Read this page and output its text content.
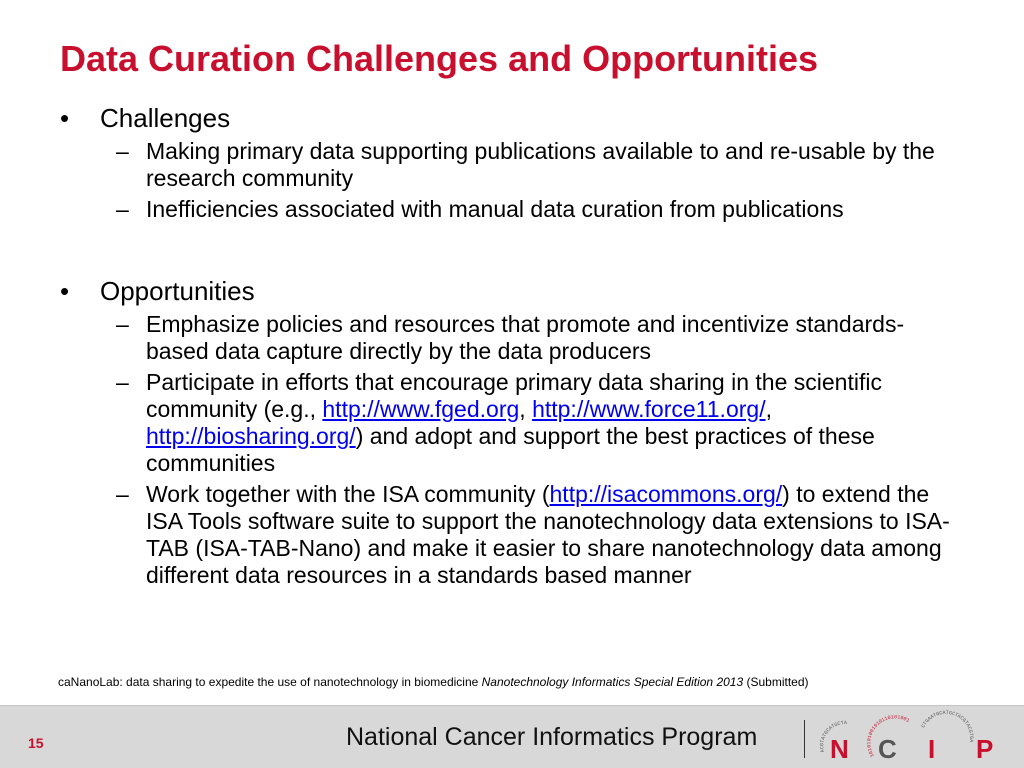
Data Curation Challenges and Opportunities
• Challenges
– Making primary data supporting publications available to and re-usable by the research community
– Inefficiencies associated with manual data curation from publications
• Opportunities
– Emphasize policies and resources that promote and incentivize standards-based data capture directly by the data producers
– Participate in efforts that encourage primary data sharing in the scientific community (e.g., http://www.fged.org, http://www.force11.org/, http://biosharing.org/) and adopt and support the best practices of these communities
– Work together with the ISA community (http://isacommons.org/) to extend the ISA Tools software suite to support the nanotechnology data extensions to ISA-TAB (ISA-TAB-Nano) and make it easier to share nanotechnology data among different data resources in a standards based manner
caNanoLab: data sharing to expedite the use of nanotechnology in biomedicine Nanotechnology Informatics Special Edition 2013 (Submitted)
15	National Cancer Informatics Program	ACGTATGCATGCTA
1010101001010110101001
CTGAATGCATGCTACGTACGTGA
N C I P
